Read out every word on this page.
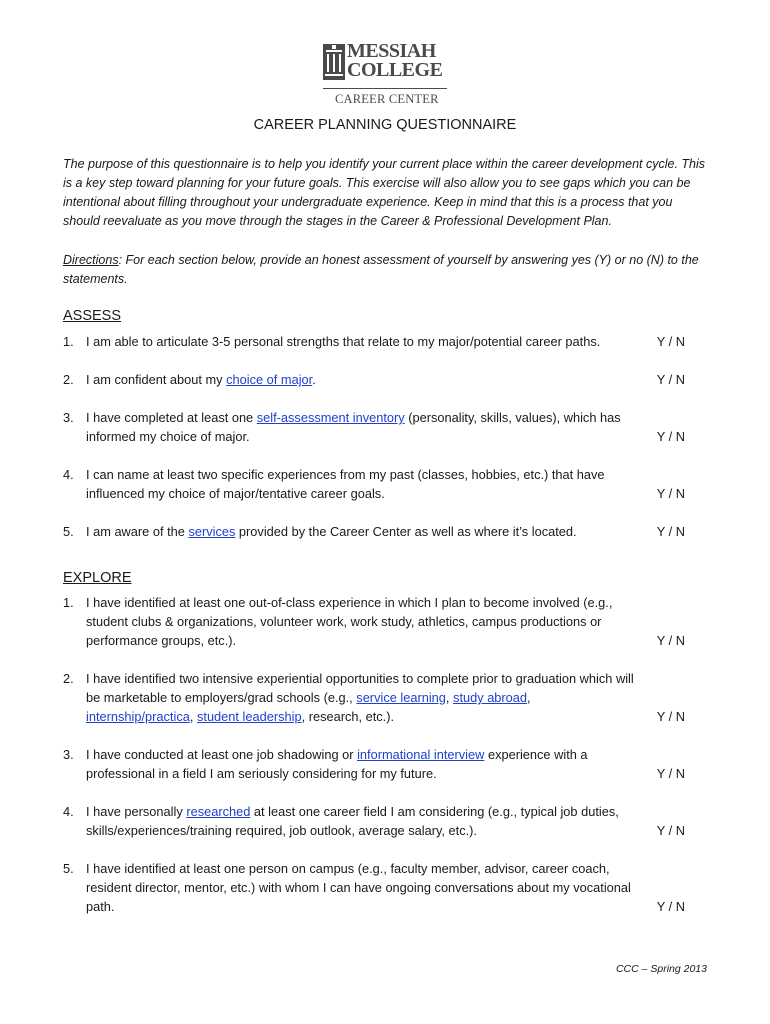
MESSIAH
COLLEGE
CAREER CENTER
CAREER PLANNING QUESTIONNAIRE
The purpose of this questionnaire is to help you identify your current place within the career development cycle. This is a key step toward planning for your future goals. This exercise will also allow you to see gaps which you can be intentional about filling throughout your undergraduate experience. Keep in mind that this is a process that you should reevaluate as you move through the stages in the Career & Professional Development Plan.
Directions: For each section below, provide an honest assessment of yourself by answering yes (Y) or no (N) to the statements.
ASSESS
1. I am able to articulate 3-5 personal strengths that relate to my major/potential career paths.	Y / N
2. I am confident about my choice of major.	Y / N
3. I have completed at least one self-assessment inventory (personality, skills, values), which has informed my choice of major.	Y / N
4. I can name at least two specific experiences from my past (classes, hobbies, etc.) that have influenced my choice of major/tentative career goals.	Y / N
5. I am aware of the services provided by the Career Center as well as where it’s located.	Y / N
EXPLORE
1. I have identified at least one out-of-class experience in which I plan to become involved (e.g., student clubs & organizations, volunteer work, work study, athletics, campus productions or performance groups, etc.).	Y / N
2. I have identified two intensive experiential opportunities to complete prior to graduation which will be marketable to employers/grad schools (e.g., service learning, study abroad, internship/practica, student leadership, research, etc.).	Y / N
3. I have conducted at least one job shadowing or informational interview experience with a professional in a field I am seriously considering for my future.	Y / N
4. I have personally researched at least one career field I am considering (e.g., typical job duties, skills/experiences/training required, job outlook, average salary, etc.).	Y / N
5. I have identified at least one person on campus (e.g., faculty member, advisor, career coach, resident director, mentor, etc.) with whom I can have ongoing conversations about my vocational path.	Y / N
CCC – Spring 2013
